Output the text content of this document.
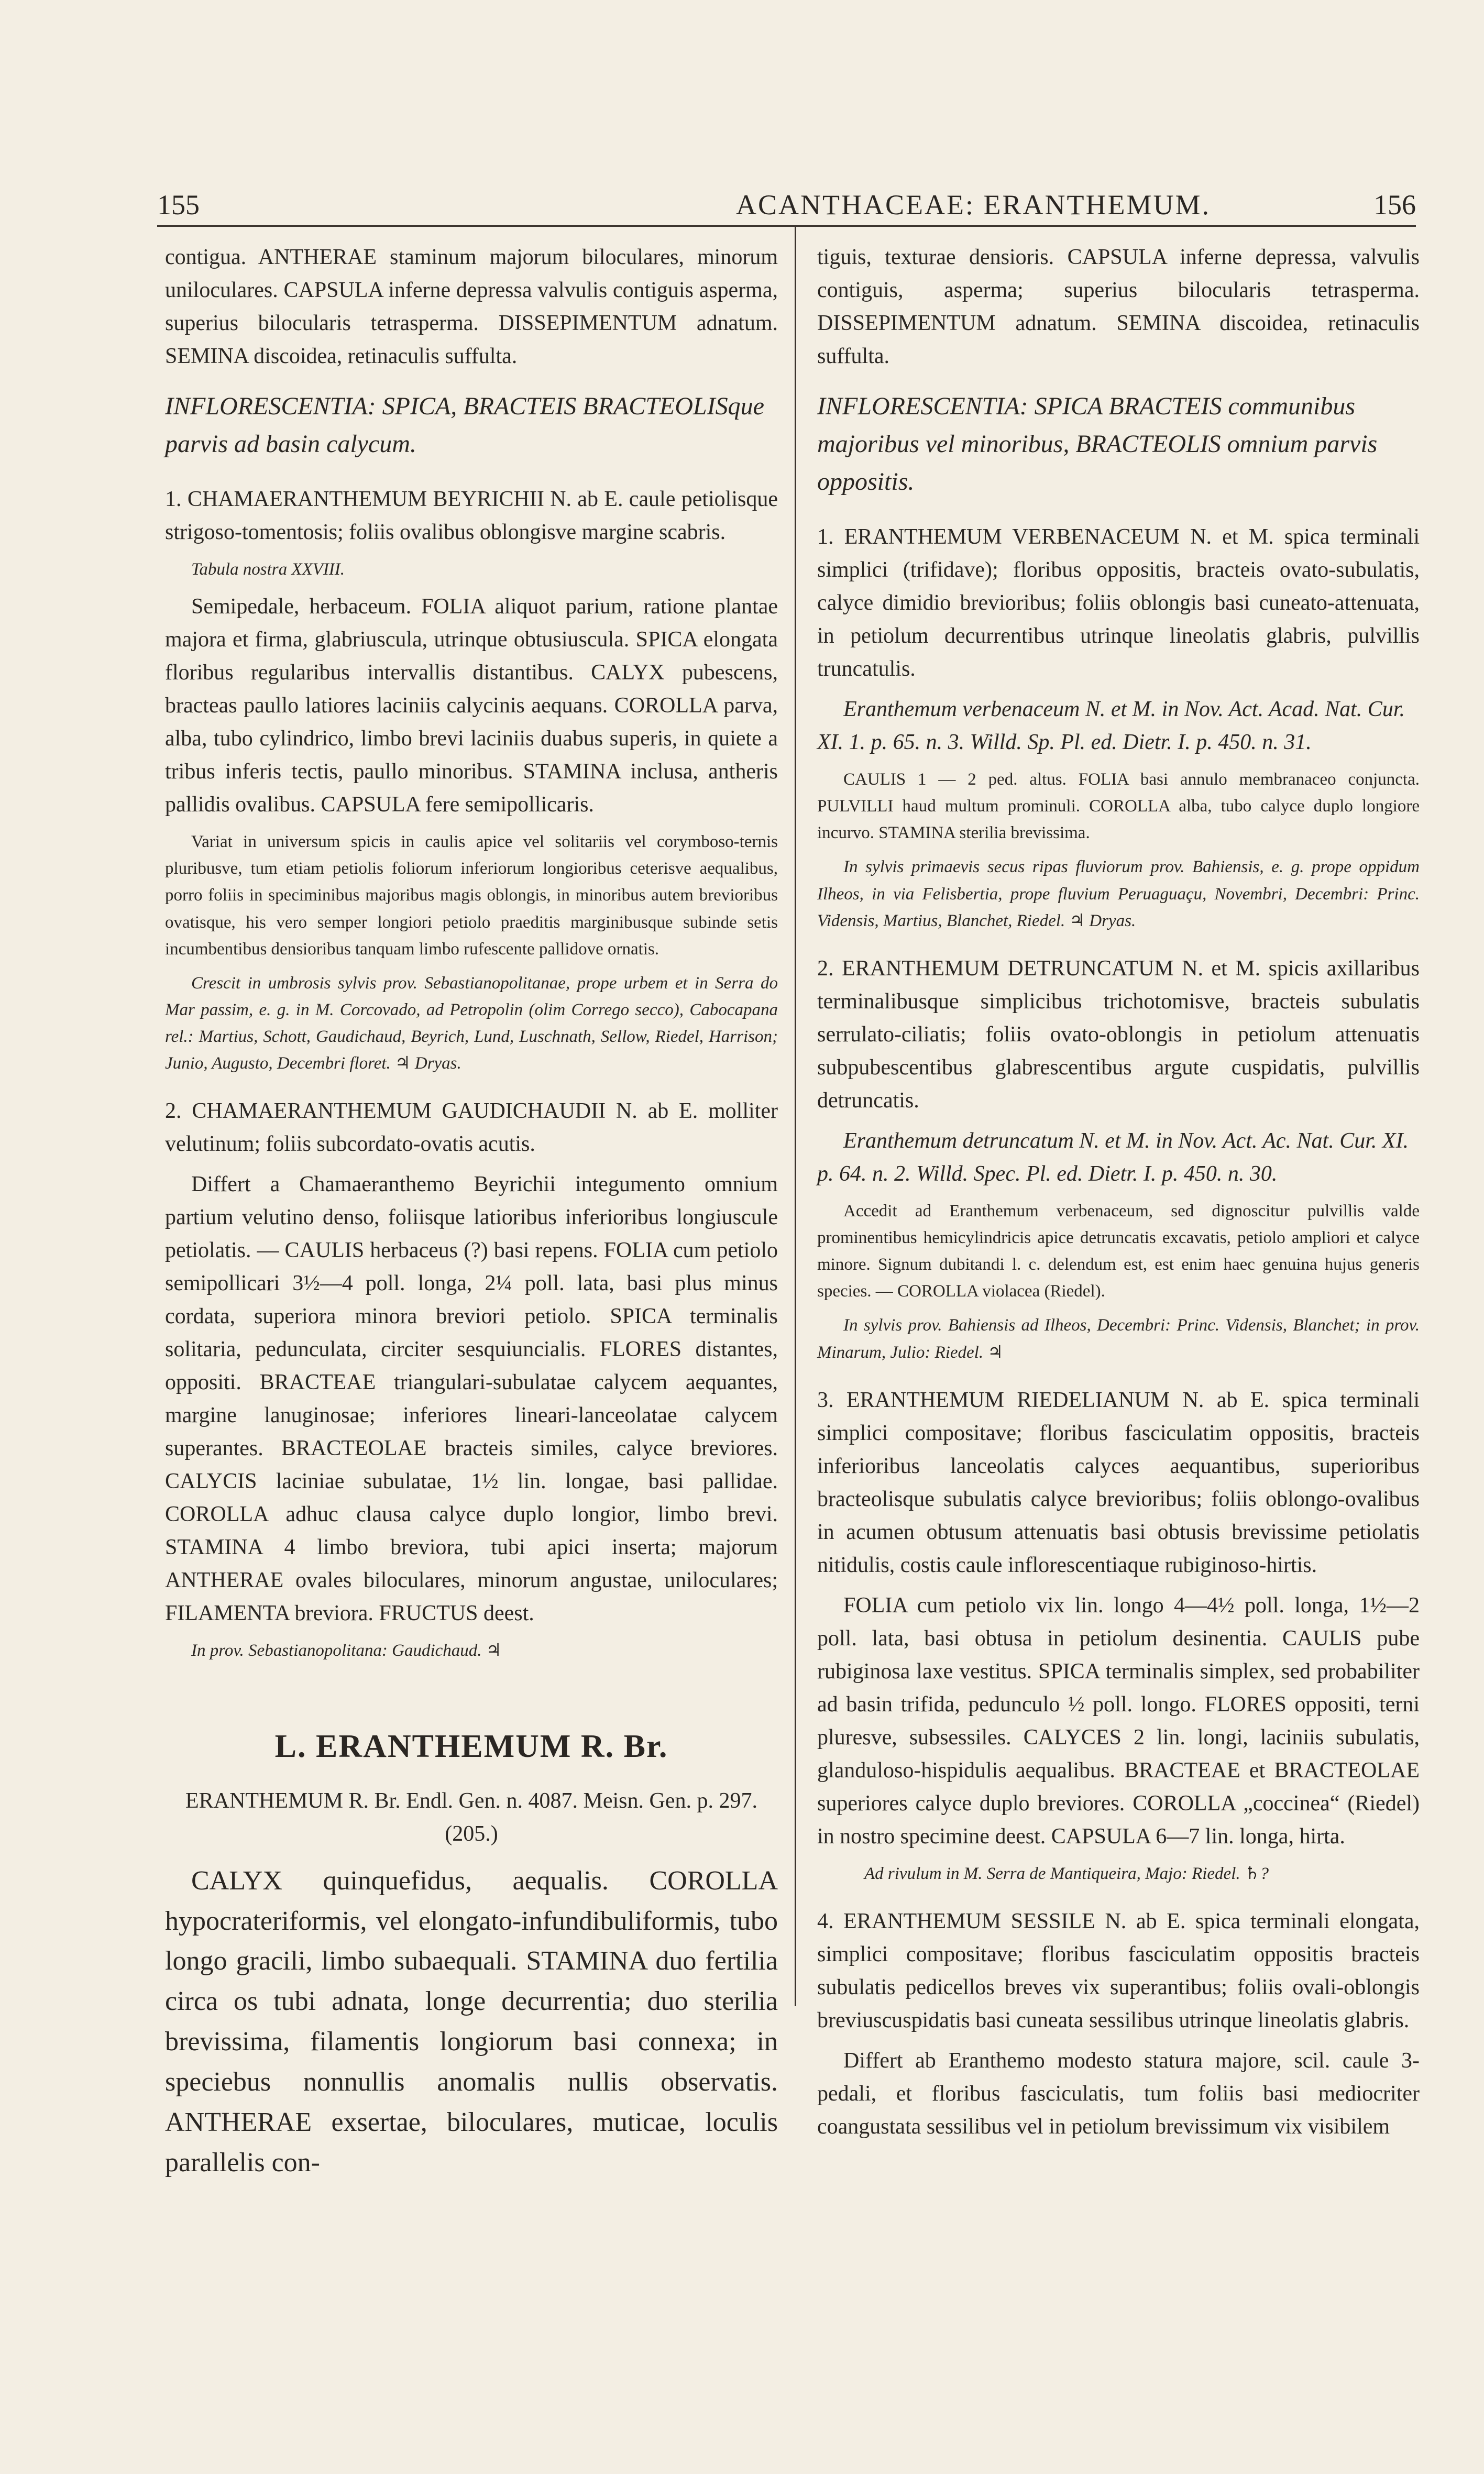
155	ACANTHACEAE: ERANTHEMUM.	156

contigua. ANTHERAE staminum majorum biloculares, minorum uniloculares. CAPSULA inferne depressa valvulis contiguis asperma, superius bilocularis tetrasperma. DISSEPIMENTUM adnatum. SEMINA discoidea, retinaculis suffulta.

INFLORESCENTIA: SPICA, BRACTEIS BRACTEOLISque parvis ad basin calycum.

1. CHAMAERANTHEMUM BEYRICHII N. ab E. caule petiolisque strigoso-tomentosis; foliis ovalibus oblongisve margine scabris.

Tabula nostra XXVIII.

Semipedale, herbaceum. FOLIA aliquot parium, ratione plantae majora et firma, glabriuscula, utrinque obtusiuscula. SPICA elongata floribus regularibus intervallis distantibus. CALYX pubescens, bracteas paullo latiores laciniis calycinis aequans. COROLLA parva, alba, tubo cylindrico, limbo brevi laciniis duabus superis, in quiete a tribus inferis tectis, paullo minoribus. STAMINA inclusa, antheris pallidis ovalibus. CAPSULA fere semipollicaris.

Variat in universum spicis in caulis apice vel solitariis vel corymboso-ternis pluribusve, tum etiam petiolis foliorum inferiorum longioribus ceterisve aequalibus, porro foliis in speciminibus majoribus magis oblongis, in minoribus autem brevioribus ovatisque, his vero semper longiori petiolo praeditis marginibusque subinde setis incumbentibus densioribus tanquam limbo rufescente pallidove ornatis.

Crescit in umbrosis sylvis prov. Sebastianopolitanae, prope urbem et in Serra do Mar passim, e. g. in M. Corcovado, ad Petropolin (olim Corrego secco), Cabocapana rel.: Martius, Schott, Gaudichaud, Beyrich, Lund, Luschnath, Sellow, Riedel, Harrison; Junio, Augusto, Decembri floret. ♃ Dryas.

2. CHAMAERANTHEMUM GAUDICHAUDII N. ab E. molliter velutinum; foliis subcordato-ovatis acutis.

Differt a Chamaeranthemo Beyrichii integumento omnium partium velutino denso, foliisque latioribus inferioribus longiuscule petiolatis. — CAULIS herbaceus (?) basi repens. FOLIA cum petiolo semipollicari 3½—4 poll. longa, 2¼ poll. lata, basi plus minus cordata, superiora minora breviori petiolo. SPICA terminalis solitaria, pedunculata, circiter sesquiuncialis. FLORES distantes, oppositi. BRACTEAE triangulari-subulatae calycem aequantes, margine lanuginosae; inferiores lineari-lanceolatae calycem superantes. BRACTEOLAE bracteis similes, calyce breviores. CALYCIS laciniae subulatae, 1½ lin. longae, basi pallidae. COROLLA adhuc clausa calyce duplo longior, limbo brevi. STAMINA 4 limbo breviora, tubi apici inserta; majorum ANTHERAE ovales biloculares, minorum angustae, uniloculares; FILAMENTA breviora. FRUCTUS deest.

In prov. Sebastianopolitana: Gaudichaud. ♃

L. ERANTHEMUM R. Br.
ERANTHEMUM R. Br. Endl. Gen. n. 4087. Meisn. Gen. p. 297. (205.)

CALYX quinquefidus, aequalis. COROLLA hypocrateriformis, vel elongato-infundibuliformis, tubo longo gracili, limbo subaequali. STAMINA duo fertilia circa os tubi adnata, longe decurrentia; duo sterilia brevissima, filamentis longiorum basi connexa; in speciebus nonnullis anomalis nullis observatis. ANTHERAE exsertae, biloculares, muticae, loculis parallelis con-

tiguis, texturae densioris. CAPSULA inferne depressa, valvulis contiguis, asperma; superius bilocularis tetrasperma. DISSEPIMENTUM adnatum. SEMINA discoidea, retinaculis suffulta.

INFLORESCENTIA: SPICA BRACTEIS communibus majoribus vel minoribus, BRACTEOLIS omnium parvis oppositis.

1. ERANTHEMUM VERBENACEUM N. et M. spica terminali simplici (trifidave); floribus oppositis, bracteis ovato-subulatis, calyce dimidio brevioribus; foliis oblongis basi cuneato-attenuata, in petiolum decurrentibus utrinque lineolatis glabris, pulvillis truncatulis.

Eranthemum verbenaceum N. et M. in Nov. Act. Acad. Nat. Cur. XI. 1. p. 65. n. 3. Willd. Sp. Pl. ed. Dietr. I. p. 450. n. 31.

CAULIS 1 — 2 ped. altus. FOLIA basi annulo membranaceo conjuncta. PULVILLI haud multum prominuli. COROLLA alba, tubo calyce duplo longiore incurvo. STAMINA sterilia brevissima.

In sylvis primaevis secus ripas fluviorum prov. Bahiensis, e. g. prope oppidum Ilheos, in via Felisbertia, prope fluvium Peruaguaçu, Novembri, Decembri: Princ. Vidensis, Martius, Blanchet, Riedel. ♃ Dryas.

2. ERANTHEMUM DETRUNCATUM N. et M. spicis axillaribus terminalibusque simplicibus trichotomisve, bracteis subulatis serrulato-ciliatis; foliis ovato-oblongis in petiolum attenuatis subpubescentibus glabrescentibus argute cuspidatis, pulvillis detruncatis.

Eranthemum detruncatum N. et M. in Nov. Act. Ac. Nat. Cur. XI. p. 64. n. 2. Willd. Spec. Pl. ed. Dietr. I. p. 450. n. 30.

Accedit ad Eranthemum verbenaceum, sed dignoscitur pulvillis valde prominentibus hemicylindricis apice detruncatis excavatis, petiolo ampliori et calyce minore. Signum dubitandi l. c. delendum est, est enim haec genuina hujus generis species. — COROLLA violacea (Riedel).

In sylvis prov. Bahiensis ad Ilheos, Decembri: Princ. Vidensis, Blanchet; in prov. Minarum, Julio: Riedel. ♃

3. ERANTHEMUM RIEDELIANUM N. ab E. spica terminali simplici compositave; floribus fasciculatim oppositis, bracteis inferioribus lanceolatis calyces aequantibus, superioribus bracteolisque subulatis calyce brevioribus; foliis oblongo-ovalibus in acumen obtusum attenuatis basi obtusis brevissime petiolatis nitidulis, costis caule inflorescentiaque rubiginoso-hirtis.

FOLIA cum petiolo vix lin. longo 4—4½ poll. longa, 1½—2 poll. lata, basi obtusa in petiolum desinentia. CAULIS pube rubiginosa laxe vestitus. SPICA terminalis simplex, sed probabiliter ad basin trifida, pedunculo ½ poll. longo. FLORES oppositi, terni pluresve, subsessiles. CALYCES 2 lin. longi, laciniis subulatis, glanduloso-hispidulis aequalibus. BRACTEAE et BRACTEOLAE superiores calyce duplo breviores. COROLLA „coccinea“ (Riedel) in nostro specimine deest. CAPSULA 6—7 lin. longa, hirta.

Ad rivulum in M. Serra de Mantiqueira, Majo: Riedel. ♄?

4. ERANTHEMUM SESSILE N. ab E. spica terminali elongata, simplici compositave; floribus fasciculatim oppositis bracteis subulatis pedicellos breves vix superantibus; foliis ovali-oblongis breviuscuspidatis basi cuneata sessilibus utrinque lineolatis glabris.

Differt ab Eranthemo modesto statura majore, scil. caule 3-pedali, et floribus fasciculatis, tum foliis basi mediocriter coangustata sessilibus vel in petiolum brevissimum vix visibilem
